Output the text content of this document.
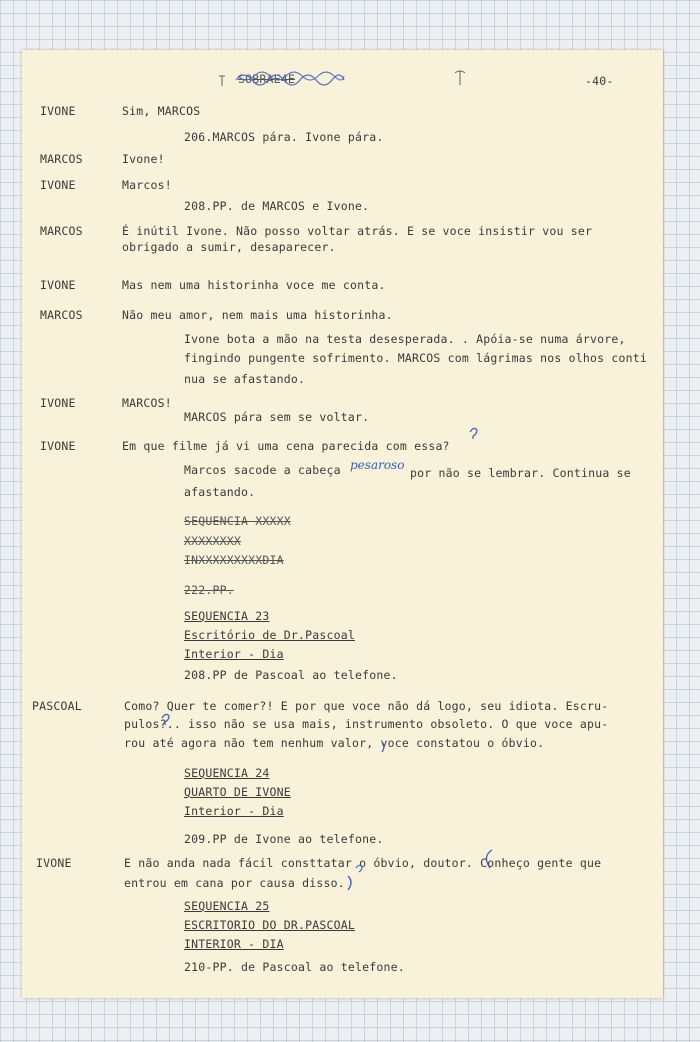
SOBRAE4E	-40-
IVONE
MARCOS
IVONE
MARCOS
IVONE
MARCOS
IVONE
IVONE
PASCOAL
IVONE
Sim, MARCOS
206.MARCOS pára. Ivone pára.
Ivone!
Marcos!
208.PP. de MARCOS e Ivone.
É inútil Ivone. Não posso voltar atrás. E se voce insistir vou ser
obrigado a sumir, desaparecer.
Mas nem uma historinha voce me conta.
Não meu amor, nem mais uma historinha.
Ivone bota a mão na testa desesperada. . Apóia-se numa árvore,
fingindo pungente sofrimento. MARCOS com lágrimas nos olhos conti
nua se afastando.
MARCOS!
MARCOS pára sem se voltar.
Em que filme já vi uma cena parecida com essa?
Marcos sacode a cabeça pesaroso
por não se lembrar. Continua se
afastando.
SEQUENCIA XXXXX
XXXXXXXX
INXXXXXXXXXDIA
222.PP.
SEQUENCIA 23
Escritório de Dr.Pascoal
Interior - Dia
208.PP de Pascoal ao telefone.
Como? Quer te comer?! E por que voce não dá logo, seu idiota. Escru-
pulos?.. isso não se usa mais, instrumento obsoleto. O que voce apu-
rou até agora não tem nenhum valor, voce constatou o óbvio.
SEQUENCIA 24
QUARTO DE IVONE
Interior - Dia
209.PP de Ivone ao telefone.
E não anda nada fácil consttatar o óbvio, doutor. Conheço gente que
entrou em cana por causa disso.
SEQUENCIA 25
ESCRITORIO DO DR.PASCOAL
INTERIOR - DIA
210-PP. de Pascoal ao telefone.
